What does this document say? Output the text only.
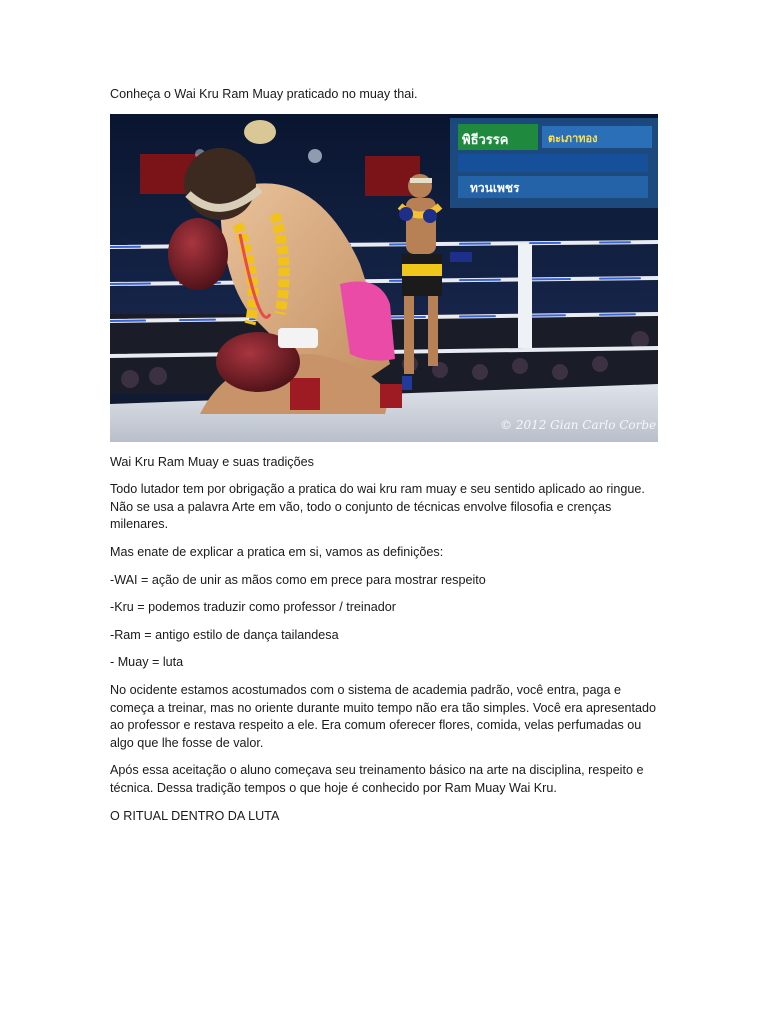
Conheça o Wai Kru Ram Muay praticado no muay thai.

พิธีวรรค	ตะเภาทอง
ทวนเพชร
© 2012 Gian Carlo Corbe

Wai Kru Ram Muay e suas tradições

Todo lutador tem por obrigação a pratica do wai kru ram muay e seu sentido aplicado ao ringue. Não se usa a palavra Arte em vão, todo o conjunto de técnicas envolve filosofia e crenças milenares.

Mas enate de explicar a pratica em si, vamos as definições:

-WAI = ação de unir as mãos como em prece para mostrar respeito

-Kru = podemos traduzir como professor / treinador

-Ram = antigo estilo de dança tailandesa

- Muay = luta

No ocidente estamos acostumados com o sistema de academia padrão, você entra, paga e começa a treinar, mas no oriente durante muito tempo não era tão simples. Você era apresentado ao professor e restava respeito a ele. Era comum oferecer flores, comida, velas perfumadas ou algo que lhe fosse de valor.

Após essa aceitação o aluno começava seu treinamento básico na arte na disciplina, respeito e técnica. Dessa tradição tempos o que hoje é conhecido por Ram Muay Wai Kru.

O RITUAL DENTRO DA LUTA
